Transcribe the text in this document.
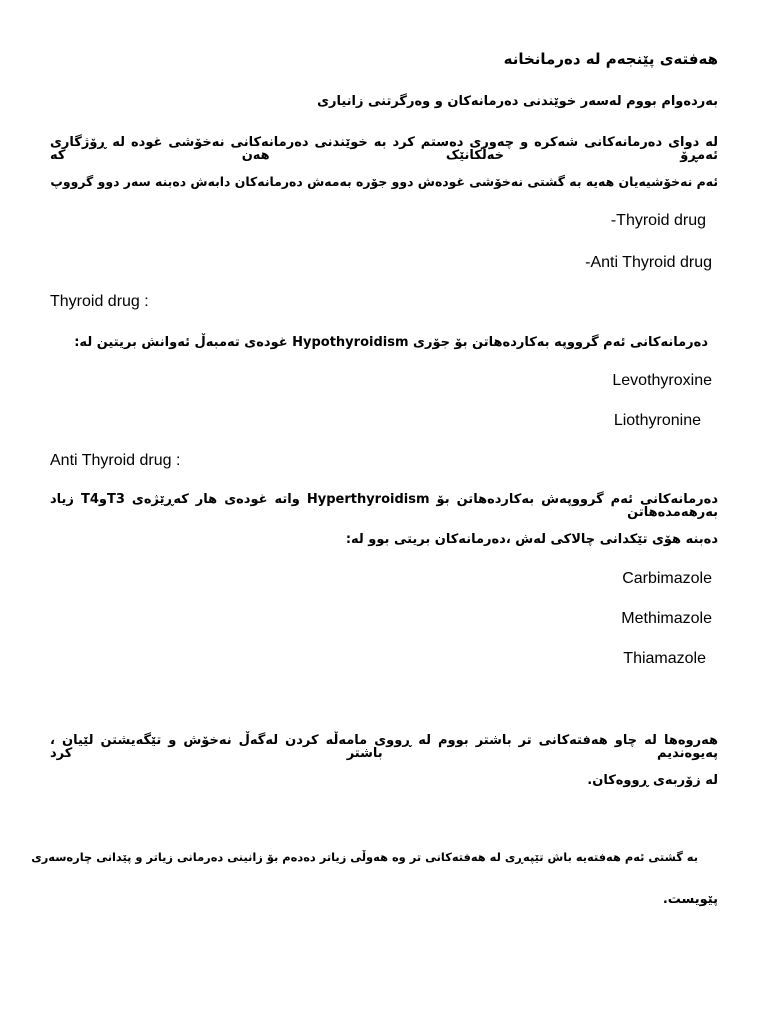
هەفتەی پێنجەم لە دەرمانخانە
بەردەوام بووم لەسەر خوێندنی دەرمانەکان و وەرگرتنی زانیاری
لە دوای دەرمانەکانی شەکرە و چەوری دەستم کرد بە خوێندنی دەرمانەکانی نەخۆشی غودە لە ڕۆژگاری ئەمڕۆ خەڵکانێک هەن کە
ئەم نەخۆشیەیان هەیە بە گشتی نەخۆشی غودەش دوو جۆرە بەمەش دەرمانەکان دابەش دەبنە سەر دوو گرووپ
-Thyroid drug
-Anti Thyroid drug
Thyroid drug :
دەرمانەکانی ئەم گرووپە بەکاردەهاتن بۆ جۆری Hypothyroidism غودەی تەمبەڵ ئەوانش بریتین لە:
Levothyroxine
Liothyronine
Anti Thyroid drug :
دەرمانەکانی ئەم گرووپەش بەکاردەهاتن بۆ Hyperthyroidism واتە غودەی هار کەڕێژەی T3وT4 زیاد بەرهەمدەهاتن
دەبنە هۆی تێکدانی چالاکی لەش ،دەرمانەکان بریتی بوو لە:
Carbimazole
Methimazole
Thiamazole
هەروەها لە چاو هەفتەکانی تر باشتر بووم لە ڕووی مامەڵە کردن لەگەڵ نەخۆش و تێگەیشتن لێیان ، پەیوەندیم باشتر کرد
لە زۆربەی ڕووەکان.
بە گشتی ئەم هەفتەیە باش تێپەڕی لە هەفتەکانی تر وە هەوڵی زیاتر دەدەم بۆ زانینی دەرمانی زیاتر و پێدانی چارەسەری
پێویست.
